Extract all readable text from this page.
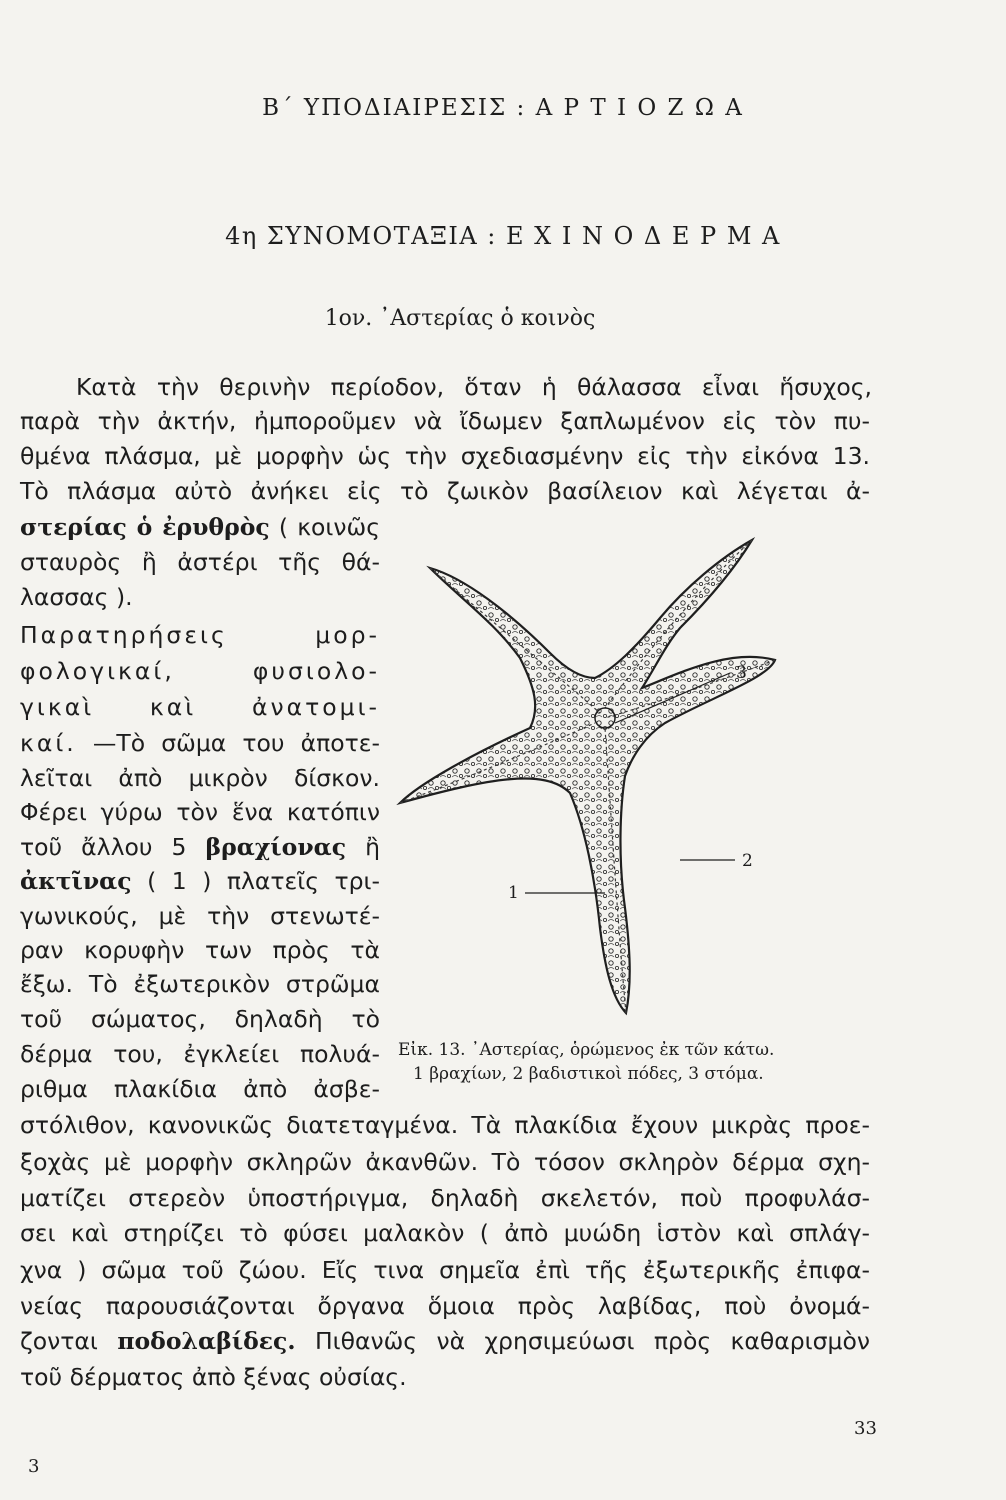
Β΄ ΥΠΟΔΙΑΙΡΕΣΙΣ : Α Ρ Τ Ι Ο Ζ Ω Α
4η ΣΥΝΟΜΟΤΑΞΙΑ : Ε Χ Ι Ν Ο Δ Ε Ρ Μ Α
1ον. ᾿Αστερίας ὁ κοινὸς
Κατὰ τὴν θερινὴν περίοδον, ὅταν ἡ θάλασσα εἶναι ἥσυχος,
παρὰ τὴν ἀκτήν, ἠμποροῦμεν νὰ ἴδωμεν ξαπλωμένον εἰς τὸν πυ-
θμένα πλάσμα, μὲ μορφὴν ὡς τὴν σχεδιασμένην εἰς τὴν εἰκόνα 13.
Τὸ πλάσμα αὐτὸ ἀνήκει εἰς τὸ ζωικὸν βασίλειον καὶ λέγεται ἀ-
στερίας ὁ ἐρυθρὸς ( κοινῶς
σταυρὸς ἢ ἀστέρι τῆς θά-
λασσας ).
Παρατηρήσεις μορ-
φολογικαί, φυσιολο-
γικαὶ καὶ ἀνατομι-
καί. —Τὸ σῶμα του ἀποτε-
λεῖται ἀπὸ μικρὸν δίσκον.
Φέρει γύρω τὸν ἕνα κατόπιν
τοῦ ἄλλου 5 βραχίονας ἢ
ἀκτῖνας ( 1 ) πλατεῖς τρι-
γωνικούς, μὲ τὴν στενωτέ-
ραν κορυφὴν των πρὸς τὰ
ἔξω. Τὸ ἐξωτερικὸν στρῶμα
τοῦ σώματος, δηλαδὴ τὸ
δέρμα του, ἐγκλείει πολυά-
ριθμα πλακίδια ἀπὸ ἀσβε-
στόλιθον, κανονικῶς διατεταγμένα. Τὰ πλακίδια ἔχουν μικρὰς προε-
ξοχὰς μὲ μορφὴν σκληρῶν ἀκανθῶν. Τὸ τόσον σκληρὸν δέρμα σχη-
ματίζει στερεὸν ὑποστήριγμα, δηλαδὴ σκελετόν, ποὺ προφυλάσ-
σει καὶ στηρίζει τὸ φύσει μαλακὸν ( ἀπὸ μυώδη ἱστὸν καὶ σπλάγ-
χνα ) σῶμα τοῦ ζώου. Εἴς τινα σημεῖα ἐπὶ τῆς ἐξωτερικῆς ἐπιφα-
νείας παρουσιάζονται ὄργανα ὅμοια πρὸς λαβίδας, ποὺ ὀνομά-
ζονται ποδολαβίδες. Πιθανῶς νὰ χρησιμεύωσι πρὸς καθαρισμὸν
τοῦ δέρματος ἀπὸ ξένας οὐσίας.
1
2
3
Εἰκ. 13. ᾿Αστερίας, ὁρώμενος ἐκ τῶν κάτω.
1 βραχίων, 2 βαδιστικοὶ πόδες, 3 στόμα.
3
33
